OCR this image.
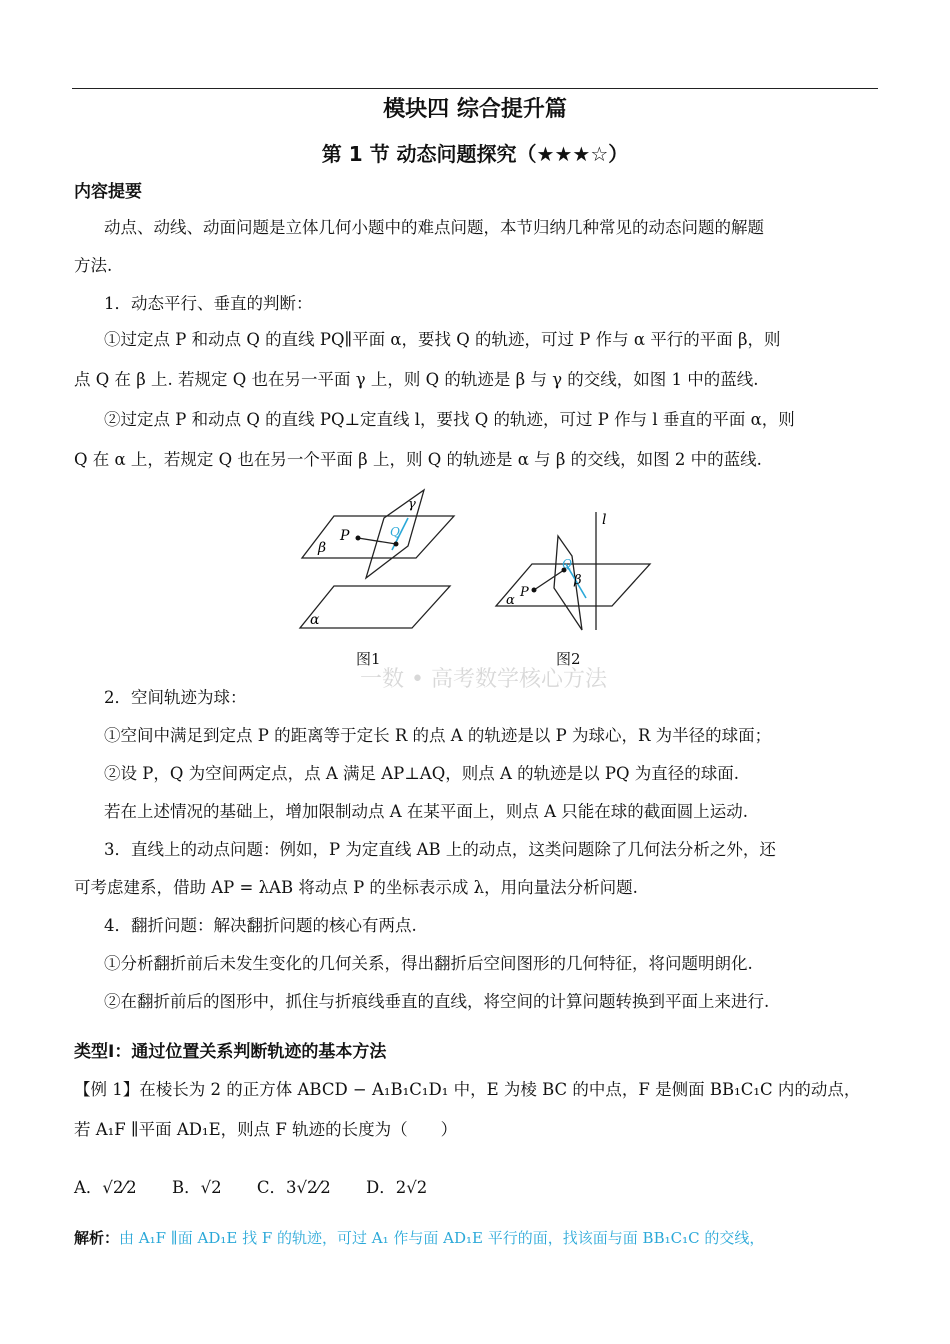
模块四 综合提升篇
第 1 节 动态问题探究（★★★☆）
内容提要
动点、动线、动面问题是立体几何小题中的难点问题，本节归纳几种常见的动态问题的解题
方法.
1．动态平行、垂直的判断：
①过定点 P 和动点 Q 的直线 PQ∥平面 α，要找 Q 的轨迹，可过 P 作与 α 平行的平面 β，则
点 Q 在 β 上. 若规定 Q 也在另一平面 γ 上，则 Q 的轨迹是 β 与 γ 的交线，如图 1 中的蓝线.
②过定点 P 和动点 Q 的直线 PQ⊥定直线 l，要找 Q 的轨迹，可过 P 作与 l 垂直的平面 α，则
Q 在 α 上，若规定 Q 也在另一个平面 β 上，则 Q 的轨迹是 α 与 β 的交线，如图 2 中的蓝线.
P	Q
β
γ
α
图1
l
P
Q
α
β
图2
一数 • 高考数学核心方法
2．空间轨迹为球：
①空间中满足到定点 P 的距离等于定长 R 的点 A 的轨迹是以 P 为球心，R 为半径的球面；
②设 P，Q 为空间两定点，点 A 满足 AP⊥AQ，则点 A 的轨迹是以 PQ 为直径的球面.
若在上述情况的基础上，增加限制动点 A 在某平面上，则点 A 只能在球的截面圆上运动.
3．直线上的动点问题：例如，P 为定直线 AB 上的动点，这类问题除了几何法分析之外，还
可考虑建系，借助 AP = λAB 将动点 P 的坐标表示成 λ，用向量法分析问题.
4．翻折问题：解决翻折问题的核心有两点.
①分析翻折前后未发生变化的几何关系，得出翻折后空间图形的几何特征，将问题明朗化.
②在翻折前后的图形中，抓住与折痕线垂直的直线，将空间的计算问题转换到平面上来进行.
类型Ⅰ：通过位置关系判断轨迹的基本方法
【例 1】在棱长为 2 的正方体 ABCD − A₁B₁C₁D₁ 中，E 为棱 BC 的中点，F 是侧面 BB₁C₁C 内的动点，
若 A₁F ∥平面 AD₁E，则点 F 轨迹的长度为（　　）
A．√2⁄2 B．√2 C．3√2⁄2 D．2√2
解析：由 A₁F ∥面 AD₁E 找 F 的轨迹，可过 A₁ 作与面 AD₁E 平行的面，找该面与面 BB₁C₁C 的交线，
